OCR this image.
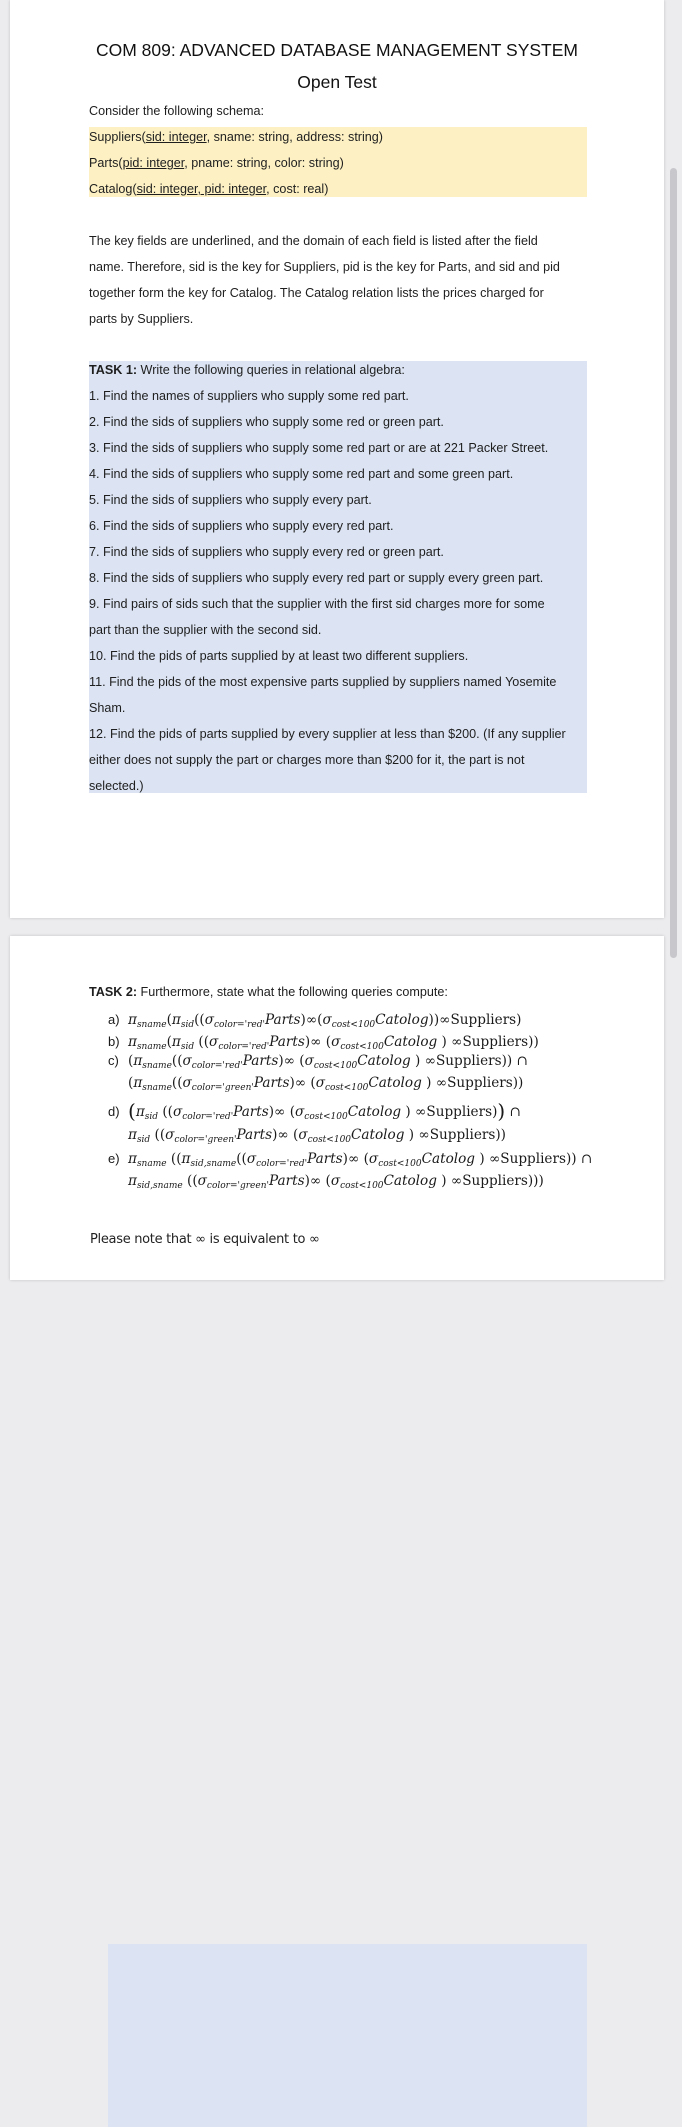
COM 809: ADVANCED DATABASE MANAGEMENT SYSTEM
Open Test
Consider the following schema:
Suppliers(sid: integer, sname: string, address: string)
Parts(pid: integer, pname: string, color: string)
Catalog(sid: integer, pid: integer, cost: real)
The key fields are underlined, and the domain of each field is listed after the field
name. Therefore, sid is the key for Suppliers, pid is the key for Parts, and sid and pid
together form the key for Catalog. The Catalog relation lists the prices charged for
parts by Suppliers.
TASK 1: Write the following queries in relational algebra:
1. Find the names of suppliers who supply some red part.
2. Find the sids of suppliers who supply some red or green part.
3. Find the sids of suppliers who supply some red part or are at 221 Packer Street.
4. Find the sids of suppliers who supply some red part and some green part.
5. Find the sids of suppliers who supply every part.
6. Find the sids of suppliers who supply every red part.
7. Find the sids of suppliers who supply every red or green part.
8. Find the sids of suppliers who supply every red part or supply every green part.
9. Find pairs of sids such that the supplier with the first sid charges more for some
part than the supplier with the second sid.
10. Find the pids of parts supplied by at least two different suppliers.
11. Find the pids of the most expensive parts supplied by suppliers named Yosemite
Sham.
12. Find the pids of parts supplied by every supplier at less than $200. (If any supplier
either does not supply the part or charges more than $200 for it, the part is not
selected.)
TASK 2: Furthermore, state what the following queries compute:
a) $\pi_{sname}(\pi_{sid}((\sigma_{color='red'}Parts)\infty(\sigma_{cost<100}Catolog))\infty Suppliers)$
b) $\pi_{sname}(\pi_{sid}$ ($(\sigma_{color='red'}Parts)\infty$ ($\sigma_{cost<100}Catolog$ ) ∞Suppliers))
c) ($\pi_{sname}((\sigma_{color='red'}Parts)\infty$ ($\sigma_{cost<100}Catolog$ ) ∞Suppliers)) ∩
($\pi_{sname}((\sigma_{color='green'}Parts)\infty$ ($\sigma_{cost<100}Catolog$ ) ∞Suppliers))
d) ($\pi_{sid}$ ($(\sigma_{color='red'}Parts)\infty$ ($\sigma_{cost<100}Catolog$ ) ∞Suppliers)) ∩
$\pi_{sid}$ ($(\sigma_{color='green'}Parts)\infty$ ($\sigma_{cost<100}Catolog$ ) ∞Suppliers))
e) $\pi_{sname}$ (($\pi_{sid,sname}((\sigma_{color='red'}Parts)\infty$ ($\sigma_{cost<100}Catolog$ ) ∞Suppliers)) ∩
$\pi_{sid,sname}$ ($(\sigma_{color='green'}Parts)\infty$ ($\sigma_{cost<100}Catolog$ ) ∞Suppliers)))
Please note that ∞ is equivalent to ∞
